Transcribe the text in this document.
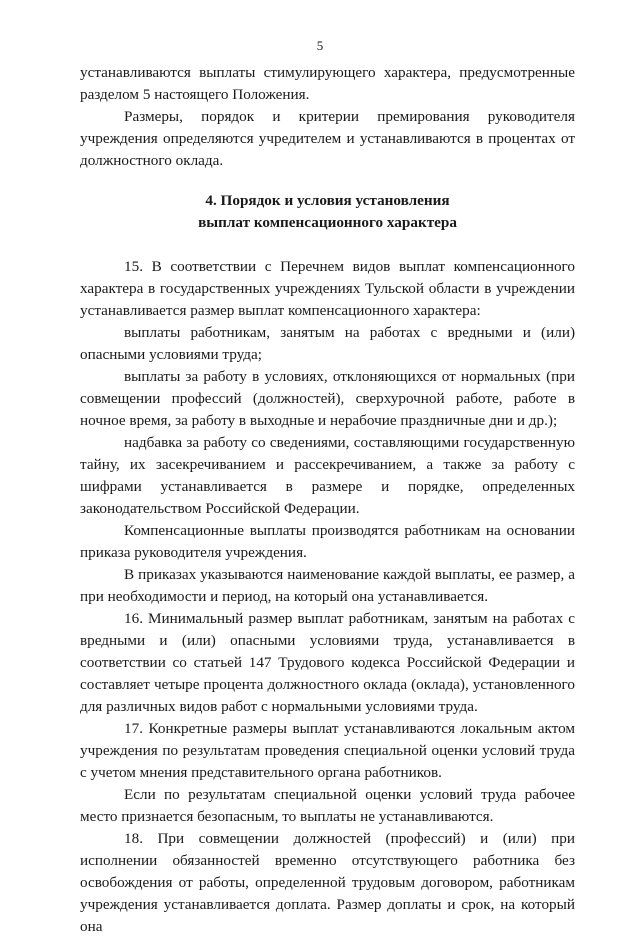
5

устанавливаются выплаты стимулирующего характера, предусмотренные разделом 5 настоящего Положения.

Размеры, порядок и критерии премирования руководителя учреждения определяются учредителем и устанавливаются в процентах от должностного оклада.

4. Порядок и условия установления
выплат компенсационного характера

15. В соответствии с Перечнем видов выплат компенсационного характера в государственных учреждениях Тульской области в учреждении устанавливается размер выплат компенсационного характера:

выплаты работникам, занятым на работах с вредными и (или) опасными условиями труда;

выплаты за работу в условиях, отклоняющихся от нормальных (при совмещении профессий (должностей), сверхурочной работе, работе в ночное время, за работу в выходные и нерабочие праздничные дни и др.);

надбавка за работу со сведениями, составляющими государственную тайну, их засекречиванием и рассекречиванием, а также за работу с шифрами устанавливается в размере и порядке, определенных законодательством Российской Федерации.

Компенсационные выплаты производятся работникам на основании приказа руководителя учреждения.

В приказах указываются наименование каждой выплаты, ее размер, а при необходимости и период, на который она устанавливается.

16. Минимальный размер выплат работникам, занятым на работах с вредными и (или) опасными условиями труда, устанавливается в соответствии со статьей 147 Трудового кодекса Российской Федерации и составляет четыре процента должностного оклада (оклада), установленного для различных видов работ с нормальными условиями труда.

17. Конкретные размеры выплат устанавливаются локальным актом учреждения по результатам проведения специальной оценки условий труда с учетом мнения представительного органа работников.

Если по результатам специальной оценки условий труда рабочее место признается безопасным, то выплаты не устанавливаются.

18. При совмещении должностей (профессий) и (или) при исполнении обязанностей временно отсутствующего работника без освобождения от работы, определенной трудовым договором, работникам учреждения устанавливается доплата. Размер доплаты и срок, на который она
